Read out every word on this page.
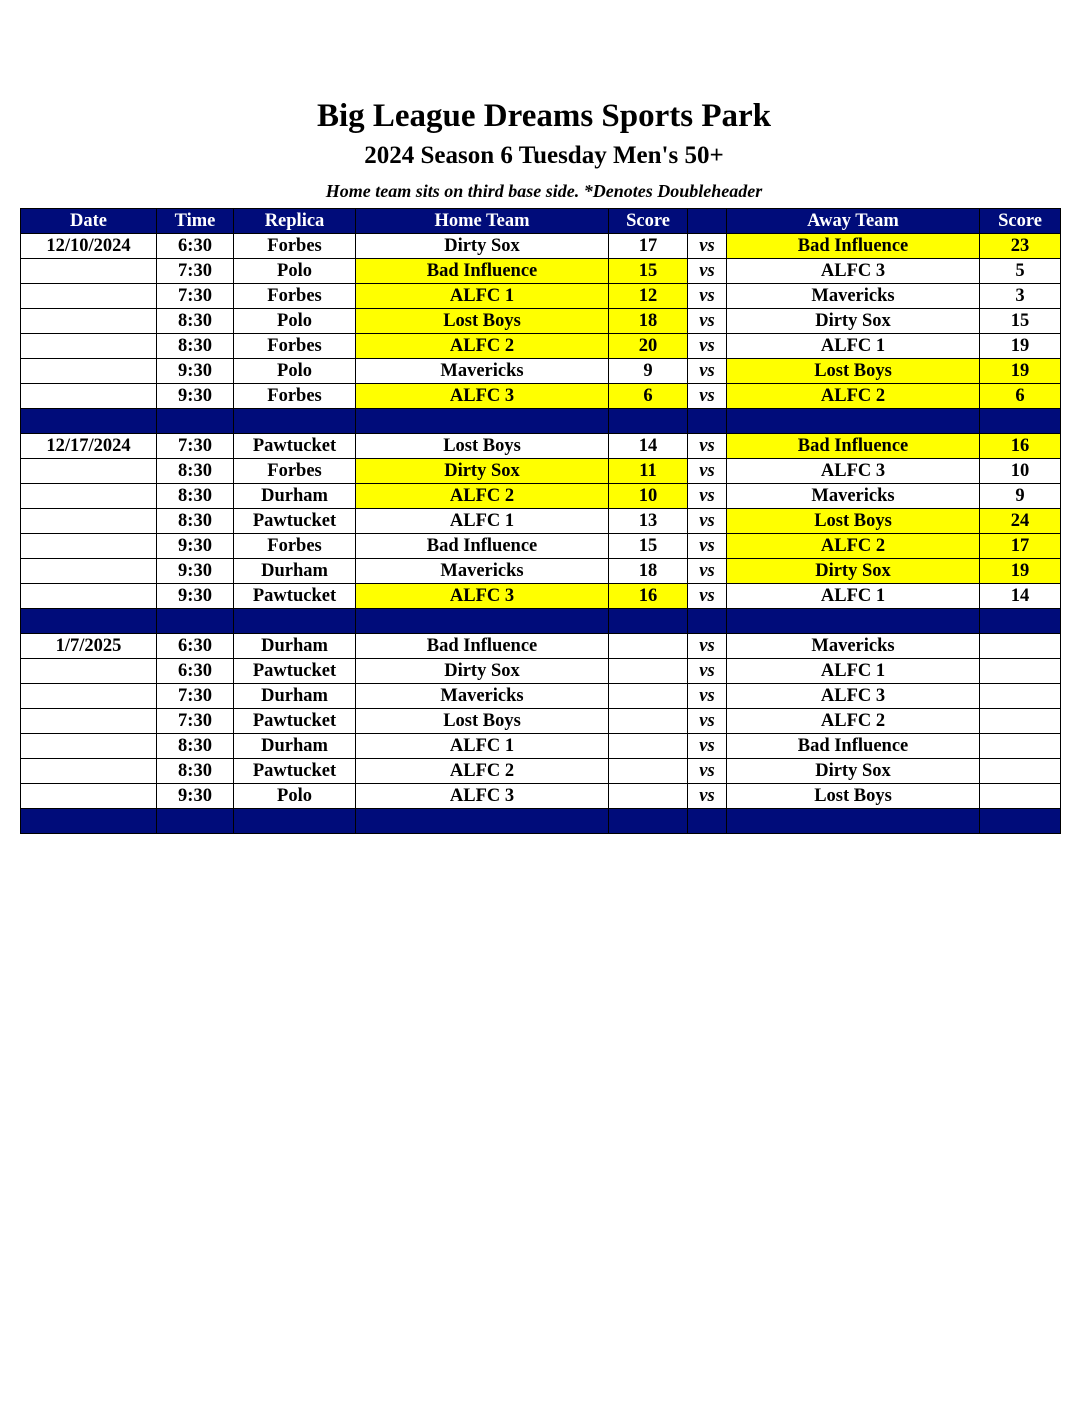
Big League Dreams Sports Park
2024 Season 6 Tuesday Men's 50+
Home team sits on third base side. *Denotes Doubleheader
Date	Time	Replica	Home Team	Score		Away Team	Score
12/10/2024	6:30	Forbes	Dirty Sox	17	vs	Bad Influence	23
	7:30	Polo	Bad Influence	15	vs	ALFC 3	5
	7:30	Forbes	ALFC 1	12	vs	Mavericks	3
	8:30	Polo	Lost Boys	18	vs	Dirty Sox	15
	8:30	Forbes	ALFC 2	20	vs	ALFC 1	19
	9:30	Polo	Mavericks	9	vs	Lost Boys	19
	9:30	Forbes	ALFC 3	6	vs	ALFC 2	6

12/17/2024	7:30	Pawtucket	Lost Boys	14	vs	Bad Influence	16
	8:30	Forbes	Dirty Sox	11	vs	ALFC 3	10
	8:30	Durham	ALFC 2	10	vs	Mavericks	9
	8:30	Pawtucket	ALFC 1	13	vs	Lost Boys	24
	9:30	Forbes	Bad Influence	15	vs	ALFC 2	17
	9:30	Durham	Mavericks	18	vs	Dirty Sox	19
	9:30	Pawtucket	ALFC 3	16	vs	ALFC 1	14

1/7/2025	6:30	Durham	Bad Influence		vs	Mavericks	
	6:30	Pawtucket	Dirty Sox		vs	ALFC 1	
	7:30	Durham	Mavericks		vs	ALFC 3	
	7:30	Pawtucket	Lost Boys		vs	ALFC 2	
	8:30	Durham	ALFC 1		vs	Bad Influence	
	8:30	Pawtucket	ALFC 2		vs	Dirty Sox	
	9:30	Polo	ALFC 3		vs	Lost Boys	
